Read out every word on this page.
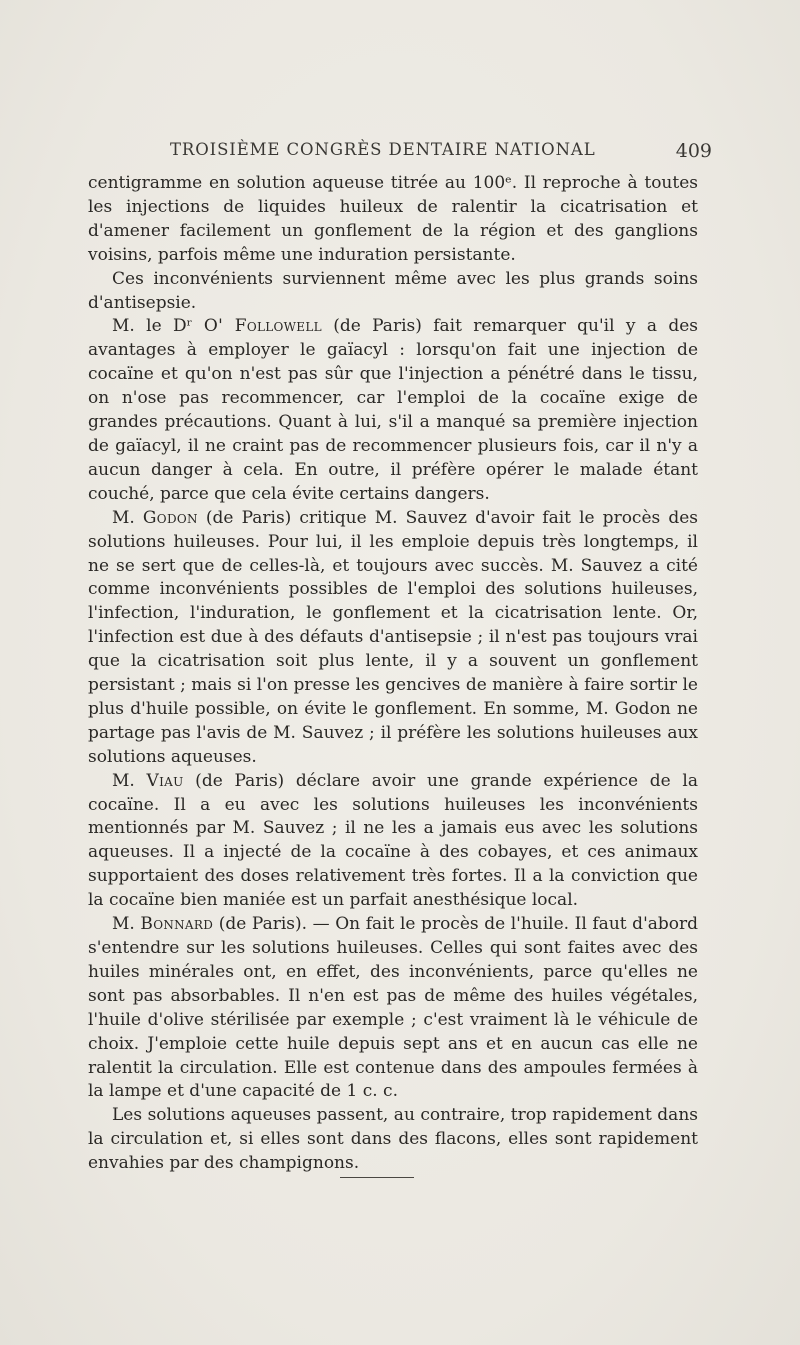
TROISIÈME CONGRÈS DENTAIRE NATIONAL	409

centigramme en solution aqueuse titrée au 100ᵉ. Il reproche à toutes les injections de liquides huileux de ralentir la cicatrisation et d'amener facilement un gonflement de la région et des ganglions voisins, parfois même une induration persistante.

Ces inconvénients surviennent même avec les plus grands soins d'antisepsie.

M. le Dʳ O' Followell (de Paris) fait remarquer qu'il y a des avantages à employer le gaïacyl : lorsqu'on fait une injection de cocaïne et qu'on n'est pas sûr que l'injection a pénétré dans le tissu, on n'ose pas recommencer, car l'emploi de la cocaïne exige de grandes précautions. Quant à lui, s'il a manqué sa première injection de gaïacyl, il ne craint pas de recommencer plusieurs fois, car il n'y a aucun danger à cela. En outre, il préfère opérer le malade étant couché, parce que cela évite certains dangers.

M. Godon (de Paris) critique M. Sauvez d'avoir fait le procès des solutions huileuses. Pour lui, il les emploie depuis très longtemps, il ne se sert que de celles-là, et toujours avec succès. M. Sauvez a cité comme inconvénients possibles de l'emploi des solutions huileuses, l'infection, l'induration, le gonflement et la cicatrisation lente. Or, l'infection est due à des défauts d'antisepsie ; il n'est pas toujours vrai que la cicatrisation soit plus lente, il y a souvent un gonflement persistant ; mais si l'on presse les gencives de manière à faire sortir le plus d'huile possible, on évite le gonflement. En somme, M. Godon ne partage pas l'avis de M. Sauvez ; il préfère les solutions huileuses aux solutions aqueuses.

M. Viau (de Paris) déclare avoir une grande expérience de la cocaïne. Il a eu avec les solutions huileuses les inconvénients mentionnés par M. Sauvez ; il ne les a jamais eus avec les solutions aqueuses. Il a injecté de la cocaïne à des cobayes, et ces animaux supportaient des doses relativement très fortes. Il a la conviction que la cocaïne bien maniée est un parfait anesthésique local.

M. Bonnard (de Paris). — On fait le procès de l'huile. Il faut d'abord s'entendre sur les solutions huileuses. Celles qui sont faites avec des huiles minérales ont, en effet, des inconvénients, parce qu'elles ne sont pas absorbables. Il n'en est pas de même des huiles végétales, l'huile d'olive stérilisée par exemple ; c'est vraiment là le véhicule de choix. J'emploie cette huile depuis sept ans et en aucun cas elle ne ralentit la circulation. Elle est contenue dans des ampoules fermées à la lampe et d'une capacité de 1 c. c.

Les solutions aqueuses passent, au contraire, trop rapidement dans la circulation et, si elles sont dans des flacons, elles sont rapidement envahies par des champignons.
